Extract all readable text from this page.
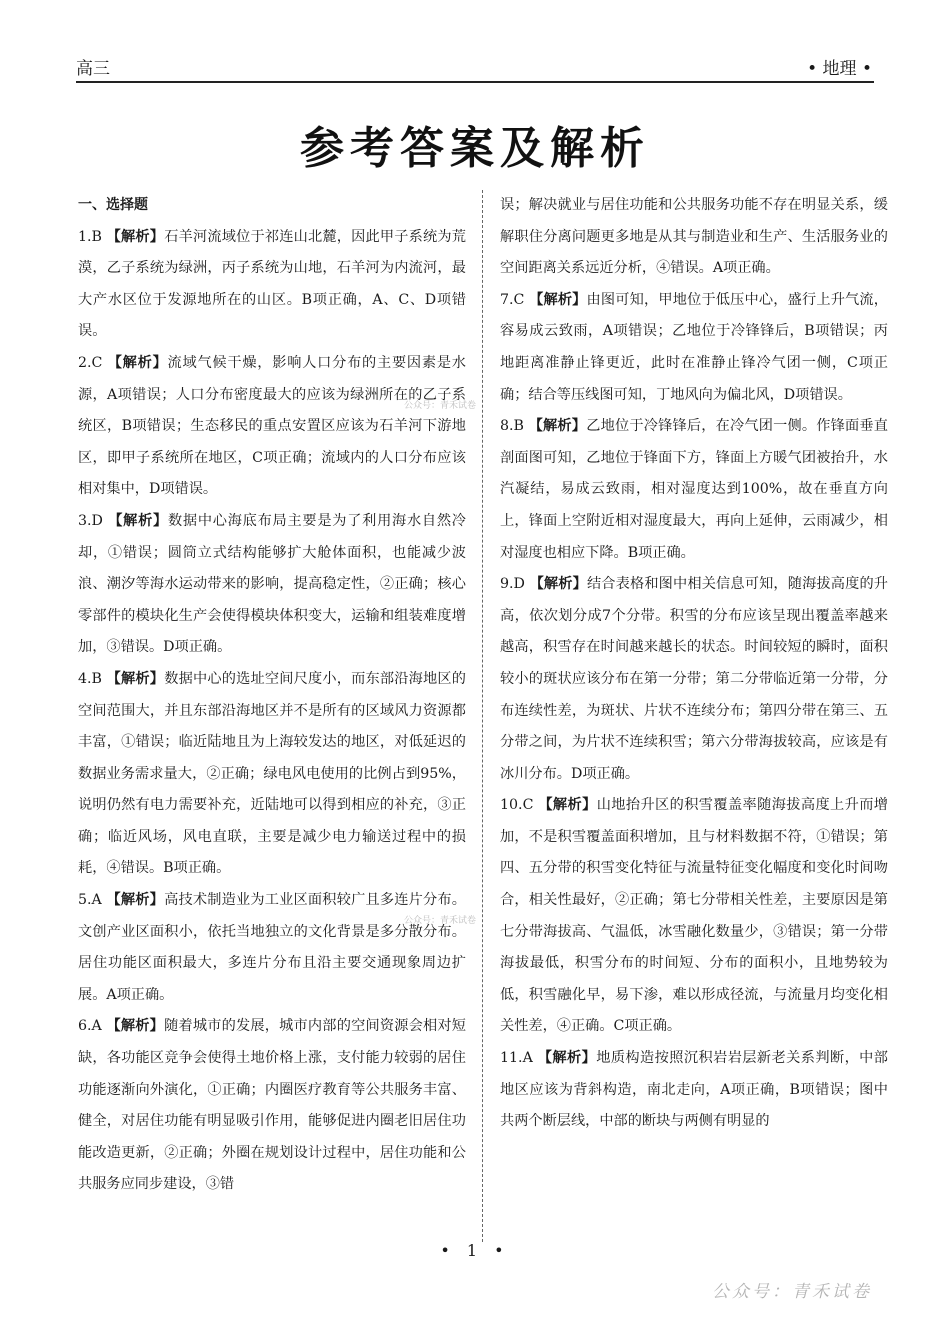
高三	• 地理 •
参考答案及解析
一、选择题

1.B 【解析】石羊河流域位于祁连山北麓，因此甲子系统为荒漠，乙子系统为绿洲，丙子系统为山地，石羊河为内流河，最大产水区位于发源地所在的山区。B项正确，A、C、D项错误。

2.C 【解析】流域气候干燥，影响人口分布的主要因素是水源，A项错误；人口分布密度最大的应该为绿洲所在的乙子系统区，B项错误；生态移民的重点安置区应该为石羊河下游地区，即甲子系统所在地区，C项正确；流域内的人口分布应该相对集中，D项错误。

3.D 【解析】数据中心海底布局主要是为了利用海水自然冷却，①错误；圆筒立式结构能够扩大舱体面积，也能减少波浪、潮汐等海水运动带来的影响，提高稳定性，②正确；核心零部件的模块化生产会使得模块体积变大，运输和组装难度增加，③错误。D项正确。

4.B 【解析】数据中心的选址空间尺度小，而东部沿海地区的空间范围大，并且东部沿海地区并不是所有的区域风力资源都丰富，①错误；临近陆地且为上海较发达的地区，对低延迟的数据业务需求量大，②正确；绿电风电使用的比例占到95%，说明仍然有电力需要补充，近陆地可以得到相应的补充，③正确；临近风场，风电直联，主要是减少电力输送过程中的损耗，④错误。B项正确。

5.A 【解析】高技术制造业为工业区面积较广且多连片分布。文创产业区面积小，依托当地独立的文化背景是多分散分布。居住功能区面积最大，多连片分布且沿主要交通现象周边扩展。A项正确。

6.A 【解析】随着城市的发展，城市内部的空间资源会相对短缺，各功能区竞争会使得土地价格上涨，支付能力较弱的居住功能逐渐向外演化，①正确；内圈医疗教育等公共服务丰富、健全，对居住功能有明显吸引作用，能够促进内圈老旧居住功能改造更新，②正确；外圈在规划设计过程中，居住功能和公共服务应同步建设，③错

误；解决就业与居住功能和公共服务功能不存在明显关系，缓解职住分离问题更多地是从其与制造业和生产、生活服务业的空间距离关系远近分析，④错误。A项正确。

7.C 【解析】由图可知，甲地位于低压中心，盛行上升气流，容易成云致雨，A项错误；乙地位于冷锋锋后，B项错误；丙地距离准静止锋更近，此时在准静止锋冷气团一侧，C项正确；结合等压线图可知，丁地风向为偏北风，D项错误。

8.B 【解析】乙地位于冷锋锋后，在冷气团一侧。作锋面垂直剖面图可知，乙地位于锋面下方，锋面上方暖气团被抬升，水汽凝结，易成云致雨，相对湿度达到100%，故在垂直方向上，锋面上空附近相对湿度最大，再向上延伸，云雨减少，相对湿度也相应下降。B项正确。

9.D 【解析】结合表格和图中相关信息可知，随海拔高度的升高，依次划分成7个分带。积雪的分布应该呈现出覆盖率越来越高，积雪存在时间越来越长的状态。时间较短的瞬时，面积较小的斑状应该分布在第一分带；第二分带临近第一分带，分布连续性差，为斑状、片状不连续分布；第四分带在第三、五分带之间，为片状不连续积雪；第六分带海拔较高，应该是有冰川分布。D项正确。

10.C 【解析】山地抬升区的积雪覆盖率随海拔高度上升而增加，不是积雪覆盖面积增加，且与材料数据不符，①错误；第四、五分带的积雪变化特征与流量特征变化幅度和变化时间吻合，相关性最好，②正确；第七分带相关性差，主要原因是第七分带海拔高、气温低，冰雪融化数量少，③错误；第一分带海拔最低，积雪分布的时间短、分布的面积小，且地势较为低，积雪融化早，易下渗，难以形成径流，与流量月均变化相关性差，④正确。C项正确。

11.A 【解析】地质构造按照沉积岩岩层新老关系判断，中部地区应该为背斜构造，南北走向，A项正确，B项错误；图中共两个断层线，中部的断块与两侧有明显的

公众号：青禾试卷
公众号：青禾试卷
• 1 •
公众号：青禾试卷
